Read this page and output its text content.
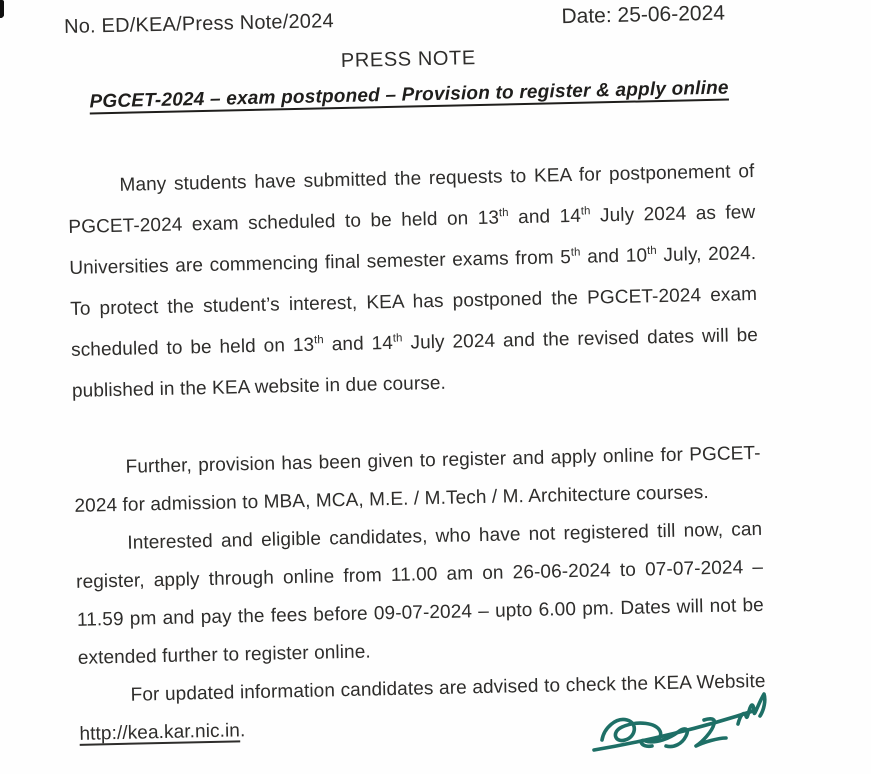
No. ED/KEA/Press Note/2024	Date: 25-06-2024
PRESS NOTE
PGCET-2024 – exam postponed – Provision to register & apply online
Many students have submitted the requests to KEA for postponement of PGCET-2024 exam scheduled to be held on 13th and 14th July 2024 as few Universities are commencing final semester exams from 5th and 10th July, 2024. To protect the student’s interest, KEA has postponed the PGCET-2024 exam scheduled to be held on 13th and 14th July 2024 and the revised dates will be published in the KEA website in due course.
Further, provision has been given to register and apply online for PGCET-2024 for admission to MBA, MCA, M.E. / M.Tech / M. Architecture courses.
Interested and eligible candidates, who have not registered till now, can register, apply through online from 11.00 am on 26-06-2024 to 07-07-2024 – 11.59 pm and pay the fees before 09-07-2024 – upto 6.00 pm. Dates will not be extended further to register online.
For updated information candidates are advised to check the KEA Website http://kea.kar.nic.in.
